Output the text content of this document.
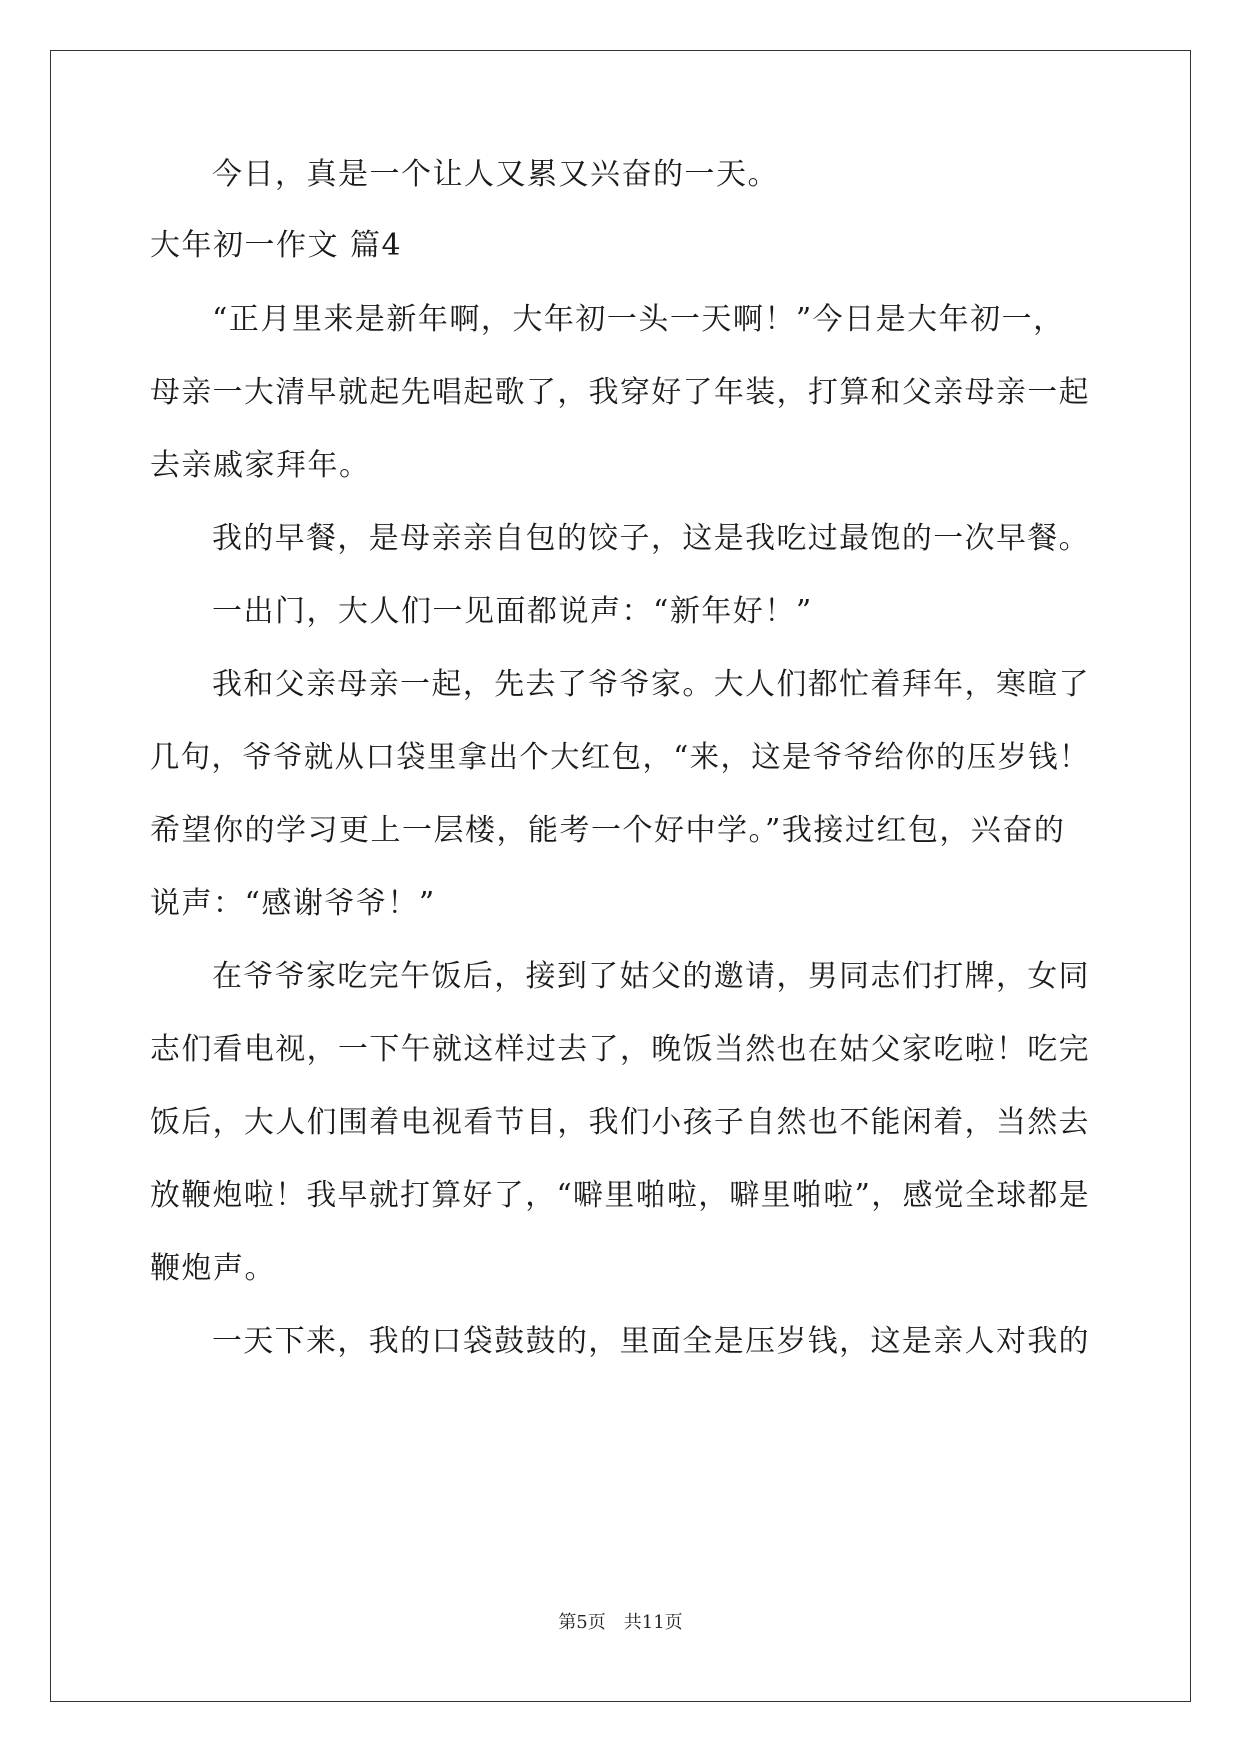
今日，真是一个让人又累又兴奋的一天。
大年初一作文 篇4
“正月里来是新年啊，大年初一头一天啊！”今日是大年初一，
母亲一大清早就起先唱起歌了，我穿好了年装，打算和父亲母亲一起
去亲戚家拜年。
我的早餐，是母亲亲自包的饺子，这是我吃过最饱的一次早餐。
一出门，大人们一见面都说声：“新年好！”
我和父亲母亲一起，先去了爷爷家。大人们都忙着拜年，寒暄了
几句，爷爷就从口袋里拿出个大红包，“来，这是爷爷给你的压岁钱！
希望你的学习更上一层楼，能考一个好中学。”我接过红包，兴奋的
说声：“感谢爷爷！”
在爷爷家吃完午饭后，接到了姑父的邀请，男同志们打牌，女同
志们看电视，一下午就这样过去了，晚饭当然也在姑父家吃啦！吃完
饭后，大人们围着电视看节目，我们小孩子自然也不能闲着，当然去
放鞭炮啦！我早就打算好了，“噼里啪啦，噼里啪啦”，感觉全球都是
鞭炮声。
一天下来，我的口袋鼓鼓的，里面全是压岁钱，这是亲人对我的
第5页　共11页
